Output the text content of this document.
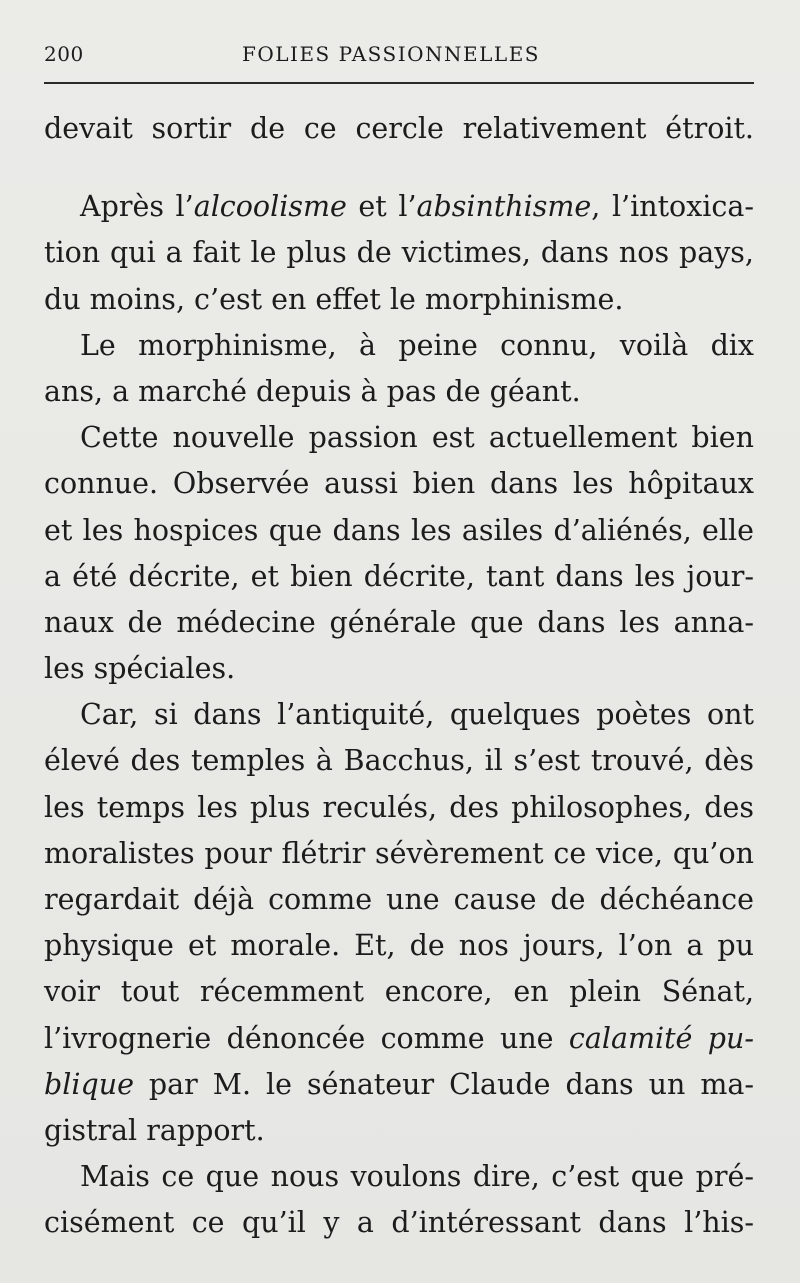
200	FOLIES PASSIONNELLES
devait sortir de ce cercle relativement étroit.
Après l’alcoolisme et l’absinthisme, l’intoxica-
tion qui a fait le plus de victimes, dans nos pays,
du moins, c’est en effet le morphinisme.
Le morphinisme, à peine connu, voilà dix
ans, a marché depuis à pas de géant.
Cette nouvelle passion est actuellement bien
connue. Observée aussi bien dans les hôpitaux
et les hospices que dans les asiles d’aliénés, elle
a été décrite, et bien décrite, tant dans les jour-
naux de médecine générale que dans les anna-
les spéciales.
Car, si dans l’antiquité, quelques poètes ont
élevé des temples à Bacchus, il s’est trouvé, dès
les temps les plus reculés, des philosophes, des
moralistes pour flétrir sévèrement ce vice, qu’on
regardait déjà comme une cause de déchéance
physique et morale. Et, de nos jours, l’on a pu
voir tout récemment encore, en plein Sénat,
l’ivrognerie dénoncée comme une calamité pu-
blique par M. le sénateur Claude dans un ma-
gistral rapport.
Mais ce que nous voulons dire, c’est que pré-
cisément ce qu’il y a d’intéressant dans l’his-
